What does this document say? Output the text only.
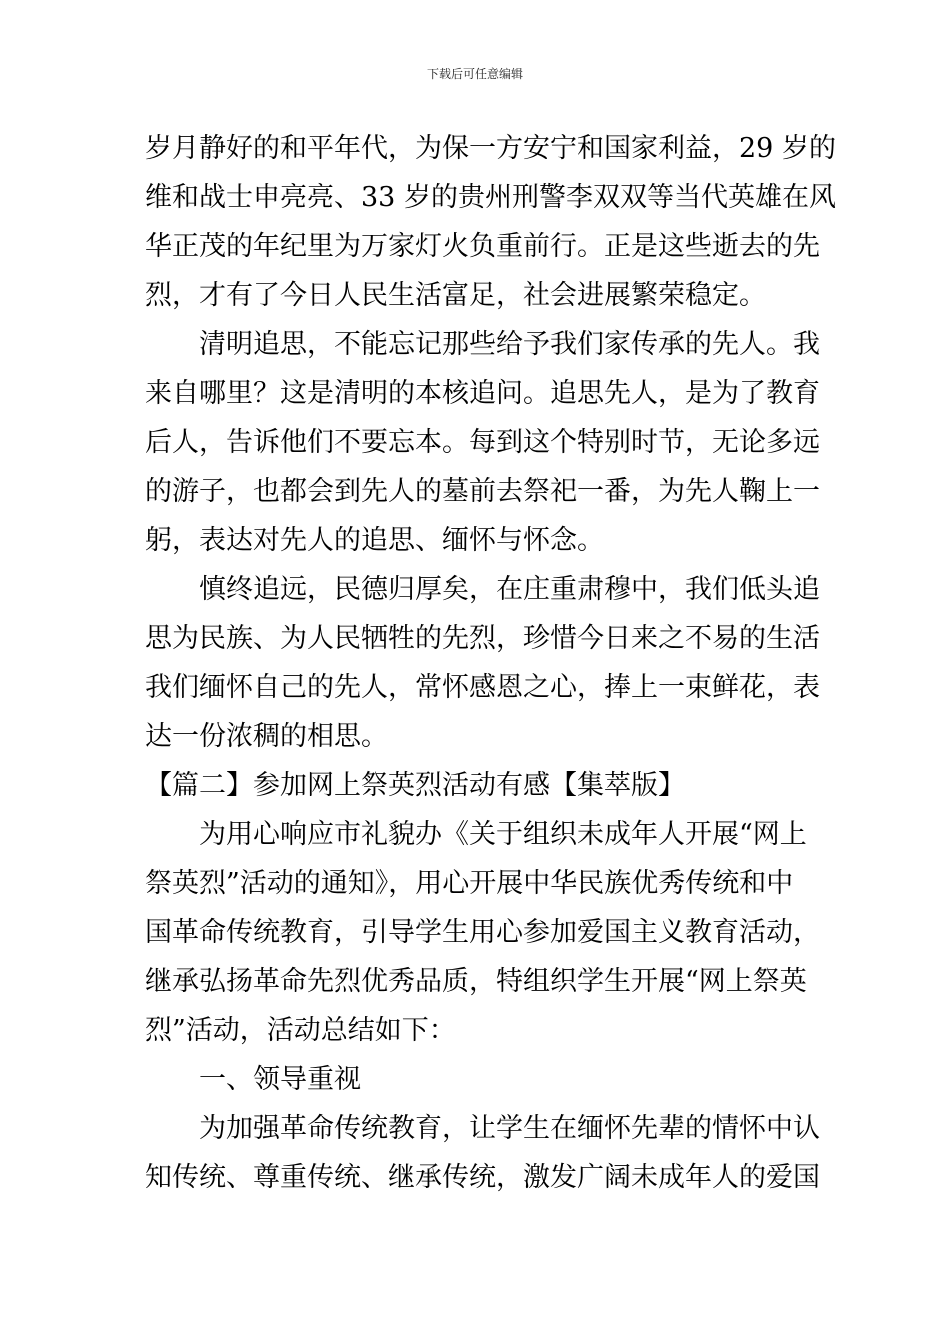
下载后可任意编辑
岁月静好的和平年代，为保一方安宁和国家利益，29 岁的
维和战士申亮亮、33 岁的贵州刑警李双双等当代英雄在风
华正茂的年纪里为万家灯火负重前行。正是这些逝去的先
烈，才有了今日人民生活富足，社会进展繁荣稳定。
清明追思，不能忘记那些给予我们家传承的先人。我
来自哪里？这是清明的本核追问。追思先人，是为了教育
后人，告诉他们不要忘本。每到这个特别时节，无论多远
的游子，也都会到先人的墓前去祭祀一番，为先人鞠上一
躬，表达对先人的追思、缅怀与怀念。
慎终追远，民德归厚矣，在庄重肃穆中，我们低头追
思为民族、为人民牺牲的先烈，珍惜今日来之不易的生活
我们缅怀自己的先人，常怀感恩之心，捧上一束鲜花，表
达一份浓稠的相思。
【篇二】参加网上祭英烈活动有感【集萃版】
为用心响应市礼貌办《关于组织未成年人开展“网上
祭英烈”活动的通知》，用心开展中华民族优秀传统和中
国革命传统教育，引导学生用心参加爱国主义教育活动，
继承弘扬革命先烈优秀品质，特组织学生开展“网上祭英
烈”活动，活动总结如下：
一、领导重视
为加强革命传统教育，让学生在缅怀先辈的情怀中认
知传统、尊重传统、继承传统，激发广阔未成年人的爱国
